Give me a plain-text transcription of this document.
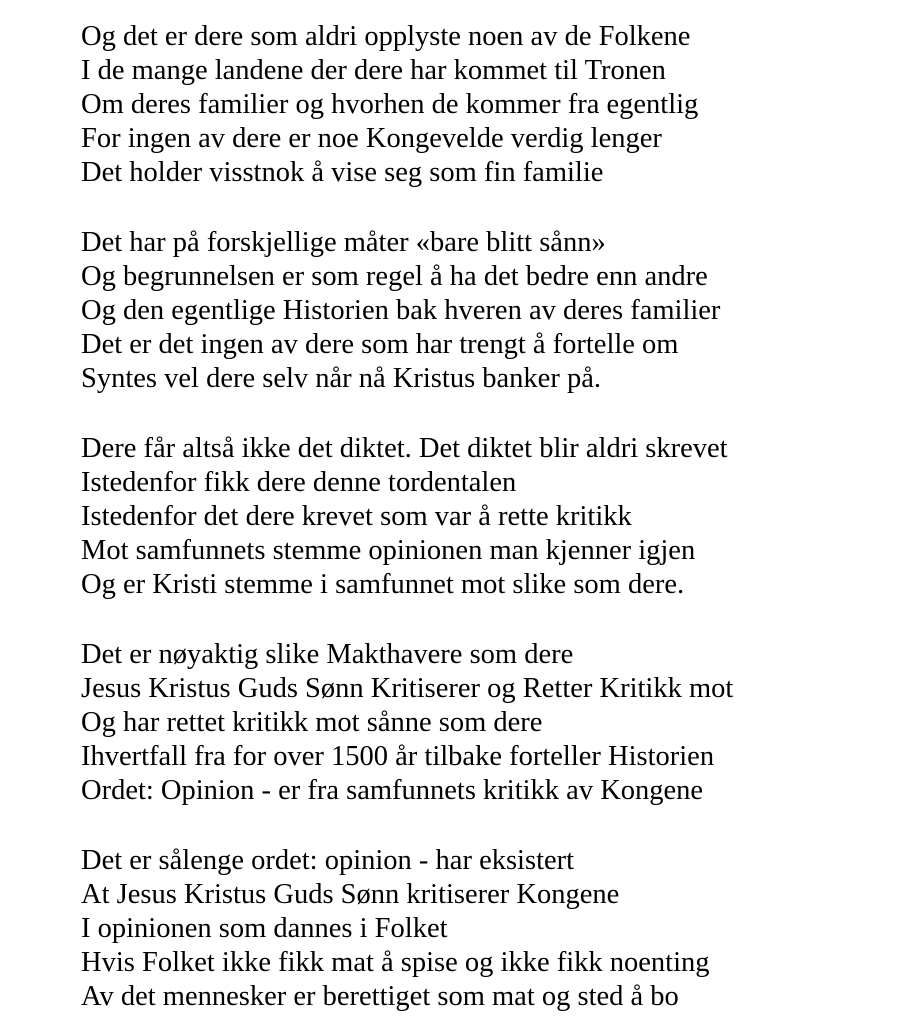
Og det er dere som aldri opplyste noen av de Folkene
I de mange landene der dere har kommet til Tronen
Om deres familier og hvorhen de kommer fra egentlig
For ingen av dere er noe Kongevelde verdig lenger
Det holder visstnok å vise seg som fin familie
Det har på forskjellige måter «bare blitt sånn»
Og begrunnelsen er som regel å ha det bedre enn andre
Og den egentlige Historien bak hveren av deres familier
Det er det ingen av dere som har trengt å fortelle om
Syntes vel dere selv når nå Kristus banker på.
Dere får altså ikke det diktet. Det diktet blir aldri skrevet
Istedenfor fikk dere denne tordentalen
Istedenfor det dere krevet som var å rette kritikk
Mot samfunnets stemme opinionen man kjenner igjen
Og er Kristi stemme i samfunnet mot slike som dere.
Det er nøyaktig slike Makthavere som dere
Jesus Kristus Guds Sønn Kritiserer og Retter Kritikk mot
Og har rettet kritikk mot sånne som dere
Ihvertfall fra for over 1500 år tilbake forteller Historien
Ordet: Opinion - er fra samfunnets kritikk av Kongene
Det er sålenge ordet: opinion - har eksistert
At Jesus Kristus Guds Sønn kritiserer Kongene
I opinionen som dannes i Folket
Hvis Folket ikke fikk mat å spise og ikke fikk noenting
Av det mennesker er berettiget som mat og sted å bo
